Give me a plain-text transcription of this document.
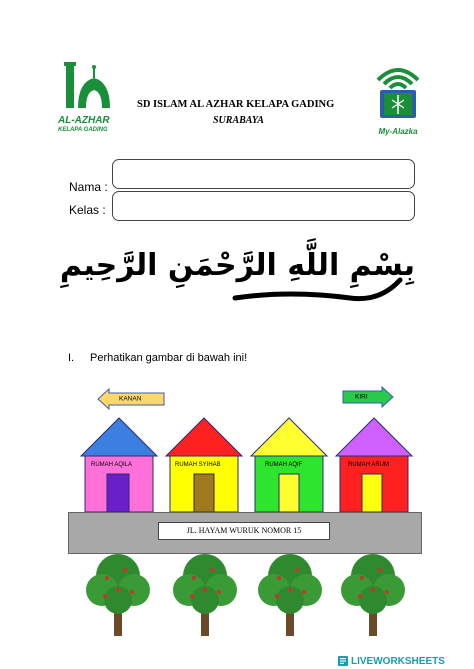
AL-AZHAR
KELAPA GADING	My-Alazka
SD ISLAM AL AZHAR KELAPA GADING
SURABAYA
Nama :
Kelas :
بِسْمِ اللَّهِ الرَّحْمَنِ الرَّحِيمِ
I. Perhatikan gambar di bawah ini!
KANAN	KIRI
RUMAH AQILA	RUMAH SYIHAB	RUMAH AQIF	RUMAH ARUM
JL. HAYAM WURUK NOMOR 15
LIVEWORKSHEETS
